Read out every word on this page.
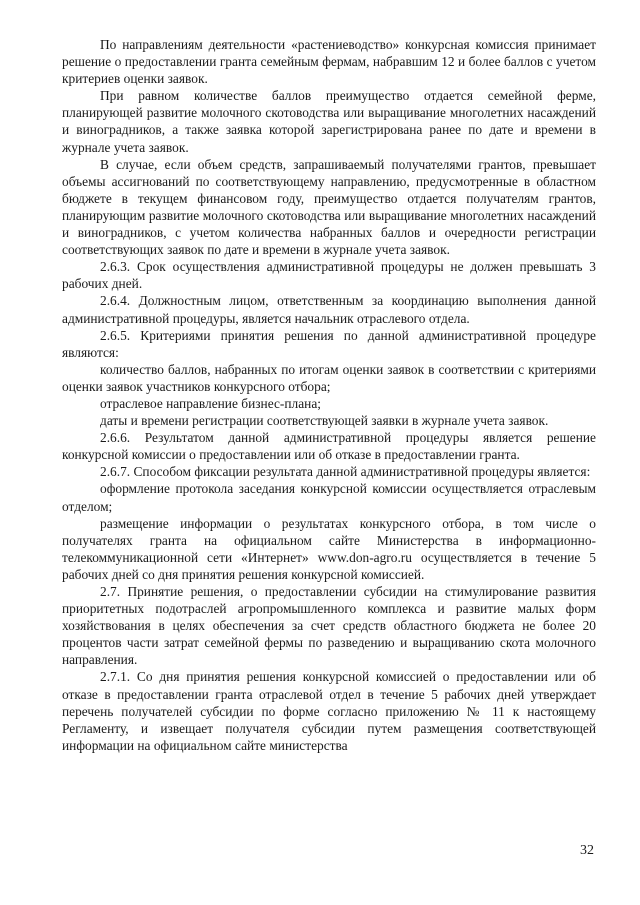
По направлениям деятельности «растениеводство» конкурсная комиссия принимает решение о предоставлении гранта семейным фермам, набравшим 12 и более баллов с учетом критериев оценки заявок.

При равном количестве баллов преимущество отдается семейной ферме, планирующей развитие молочного скотоводства или выращивание многолетних насаждений и виноградников, а также заявка которой зарегистрирована ранее по дате и времени в журнале учета заявок.

В случае, если объем средств, запрашиваемый получателями грантов, превышает объемы ассигнований по соответствующему направлению, предусмотренные в областном бюджете в текущем финансовом году, преимущество отдается получателям грантов, планирующим развитие молочного скотоводства или выращивание многолетних насаждений и виноградников, с учетом количества набранных баллов и очередности регистрации соответствующих заявок по дате и времени в журнале учета заявок.

2.6.3. Срок осуществления административной процедуры не должен превышать 3 рабочих дней.

2.6.4. Должностным лицом, ответственным за координацию выполнения данной административной процедуры, является начальник отраслевого отдела.

2.6.5. Критериями принятия решения по данной административной процедуре являются:

количество баллов, набранных по итогам оценки заявок в соответствии с критериями оценки заявок участников конкурсного отбора;

отраслевое направление бизнес-плана;

даты и времени регистрации соответствующей заявки в журнале учета заявок.

2.6.6. Результатом данной административной процедуры является решение конкурсной комиссии о предоставлении или об отказе в предоставлении гранта.

2.6.7. Способом фиксации результата данной административной процедуры является:

оформление протокола заседания конкурсной комиссии осуществляется отраслевым отделом;

размещение информации о результатах конкурсного отбора, в том числе о получателях гранта на официальном сайте Министерства в информационно-телекоммуникационной сети «Интернет» www.don-agro.ru осуществляется в течение 5 рабочих дней со дня принятия решения конкурсной комиссией.

2.7. Принятие решения, о предоставлении субсидии на стимулирование развития приоритетных подотраслей агропромышленного комплекса и развитие малых форм хозяйствования в целях обеспечения за счет средств областного бюджета не более 20 процентов части затрат семейной фермы по разведению и выращиванию скота молочного направления.

2.7.1. Со дня принятия решения конкурсной комиссией о предоставлении или об отказе в предоставлении гранта отраслевой отдел в течение 5 рабочих дней утверждает перечень получателей субсидии по форме согласно приложению № 11 к настоящему Регламенту, и извещает получателя субсидии путем размещения соответствующей информации на официальном сайте министерства

32
